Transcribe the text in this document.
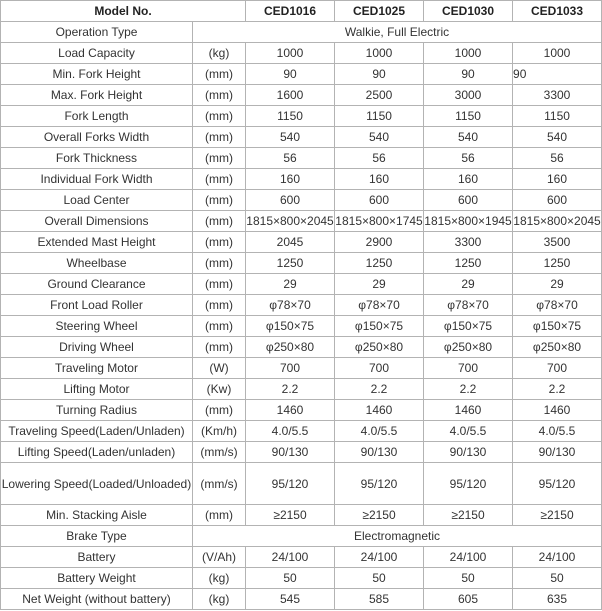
Model No.		CED1016	CED1025	CED1030	CED1033
Operation Type	Walkie, Full Electric				
Load Capacity	(kg)	1000	1000	1000	1000
Min. Fork Height	(mm)	90	90	90	90
Max. Fork Height	(mm)	1600	2500	3000	3300
Fork Length	(mm)	1150	1150	1150	1150
Overall Forks Width	(mm)	540	540	540	540
Fork Thickness	(mm)	56	56	56	56
Individual Fork Width	(mm)	160	160	160	160
Load Center	(mm)	600	600	600	600
Overall Dimensions	(mm)	1815×800×2045	1815×800×1745	1815×800×1945	1815×800×2045
Extended Mast Height	(mm)	2045	2900	3300	3500
Wheelbase	(mm)	1250	1250	1250	1250
Ground Clearance	(mm)	29	29	29	29
Front Load Roller	(mm)	φ78×70	φ78×70	φ78×70	φ78×70
Steering Wheel	(mm)	φ150×75	φ150×75	φ150×75	φ150×75
Driving Wheel	(mm)	φ250×80	φ250×80	φ250×80	φ250×80
Traveling Motor	(W)	700	700	700	700
Lifting Motor	(Kw)	2.2	2.2	2.2	2.2
Turning Radius	(mm)	1460	1460	1460	1460
Traveling Speed(Laden/Unladen)	(Km/h)	4.0/5.5	4.0/5.5	4.0/5.5	4.0/5.5
Lifting Speed(Laden/unladen)	(mm/s)	90/130	90/130	90/130	90/130
Lowering Speed(Loaded/Unloaded)	(mm/s)	95/120	95/120	95/120	95/120
Min. Stacking Aisle	(mm)	≥2150	≥2150	≥2150	≥2150
Brake Type	Electromagnetic				
Battery	(V/Ah)	24/100	24/100	24/100	24/100
Battery Weight	(kg)	50	50	50	50
Net Weight (without battery)	(kg)	545	585	605	635
